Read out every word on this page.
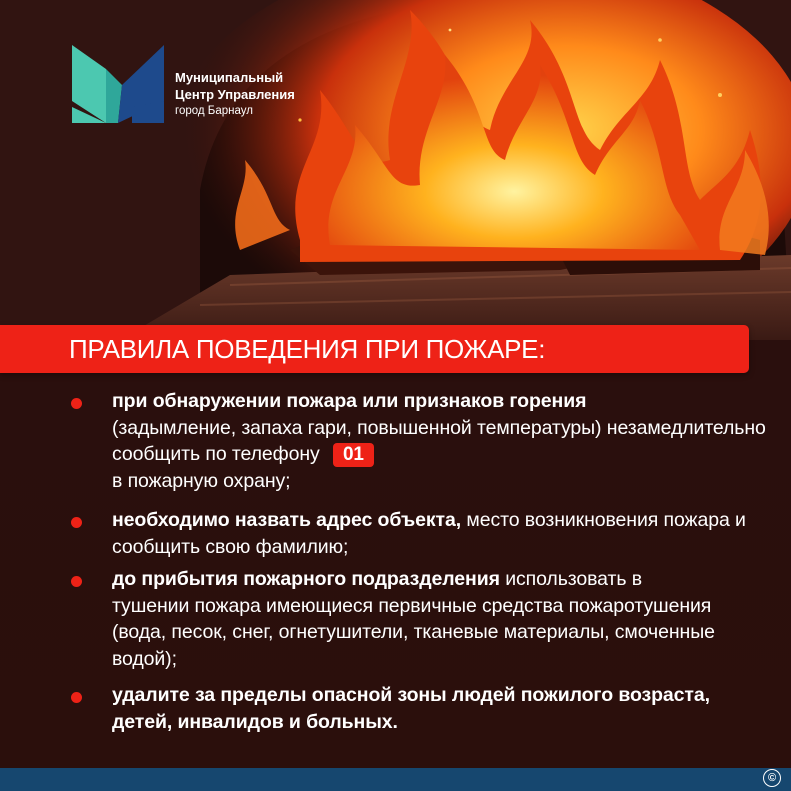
Муниципальный
Центр Управления
город Барнаул
ПРАВИЛА ПОВЕДЕНИЯ ПРИ ПОЖАРЕ:
при обнаружении пожара или признаков горения
(задымление, запаха гари, повышенной температуры) незамедлительно сообщить по телефону 01
в пожарную охрану;
необходимо назвать адрес объекта, место возникновения пожара и сообщить свою фамилию;
до прибытия пожарного подразделения использовать в тушении пожара имеющиеся первичные средства пожаротушения (вода, песок, снег, огнетушители, тканевые материалы, смоченные водой);
удалите за пределы опасной зоны людей пожилого возраста, детей, инвалидов и больных.
©
